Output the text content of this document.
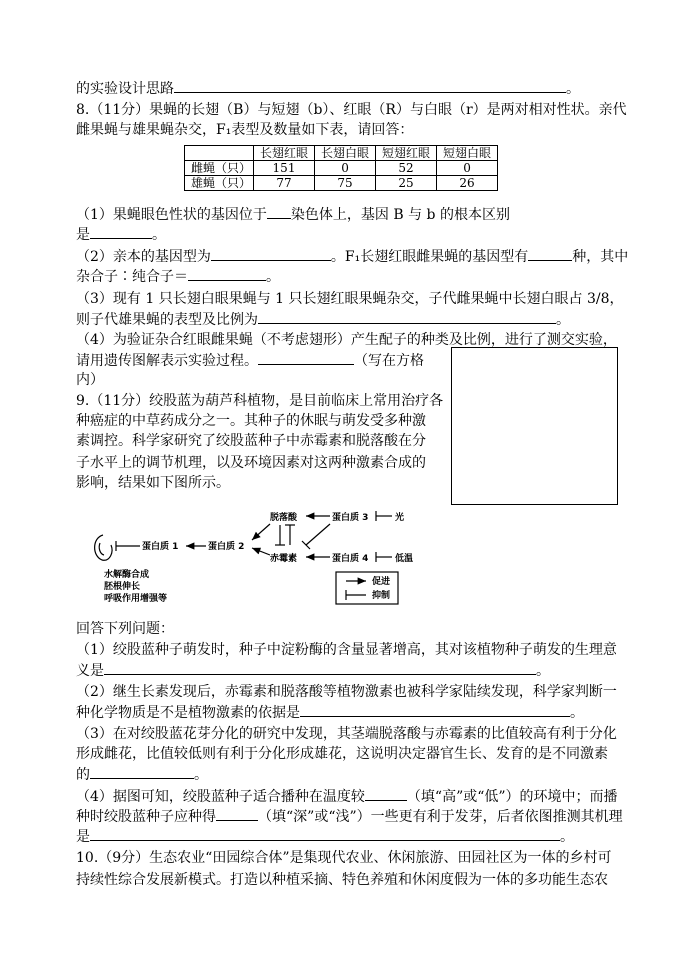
的实验设计思路	。
8.（11分）果蝇的长翅（B）与短翅（b）、红眼（R）与白眼（r）是两对相对性状。亲代
雌果蝇与雄果蝇杂交，F₁表型及数量如下表，请回答：
	长翅红眼	长翅白眼	短翅红眼	短翅白眼
雌蝇（只）	151	0	52	0
雄蝇（只）	77	75	25	26
（1）果蝇眼色性状的基因位于 染色体上，基因 B 与 b 的根本区别
是	。
（2）亲本的基因型为	。F₁长翅红眼雌果蝇的基因型有	种，其中
杂合子∶纯合子＝	。
（3）现有 1 只长翅白眼果蝇与 1 只长翅红眼果蝇杂交，子代雌果蝇中长翅白眼占 3/8，
则子代雄果蝇的表型及比例为	。
（4）为验证杂合红眼雌果蝇（不考虑翅形）产生配子的种类及比例，进行了测交实验，
请用遗传图解表示实验过程。	（写在方格
内）
9.（11分）绞股蓝为葫芦科植物，是目前临床上常用治疗各
种癌症的中草药成分之一。其种子的休眠与萌发受多种激
素调控。科学家研究了绞股蓝种子中赤霉素和脱落酸在分
子水平上的调节机理，以及环境因素对这两种激素合成的
影响，结果如下图所示。
脱落酸
赤霉素
蛋白质 1	蛋白质 2
蛋白质 3
蛋白质 4
光
低温
水解酶合成
胚根伸长
呼吸作用增强等
促进
抑制
回答下列问题：
（1）绞股蓝种子萌发时，种子中淀粉酶的含量显著增高，其对该植物种子萌发的生理意
义是	。
（2）继生长素发现后，赤霉素和脱落酸等植物激素也被科学家陆续发现，科学家判断一
种化学物质是不是植物激素的依据是	。
（3）在对绞股蓝花芽分化的研究中发现，其茎端脱落酸与赤霉素的比值较高有利于分化
形成雌花，比值较低则有利于分化形成雄花，这说明决定器官生长、发育的是不同激素
的	。
（4）据图可知，绞股蓝种子适合播种在温度较	（填“高”或“低”）的环境中；而播
种时绞股蓝种子应种得	（填“深”或“浅”）一些更有利于发芽，后者依图推测其机理
是	。
10.（9分）生态农业“田园综合体”是集现代农业、休闲旅游、田园社区为一体的乡村可
持续性综合发展新模式。打造以种植采摘、特色养殖和休闲度假为一体的多功能生态农
